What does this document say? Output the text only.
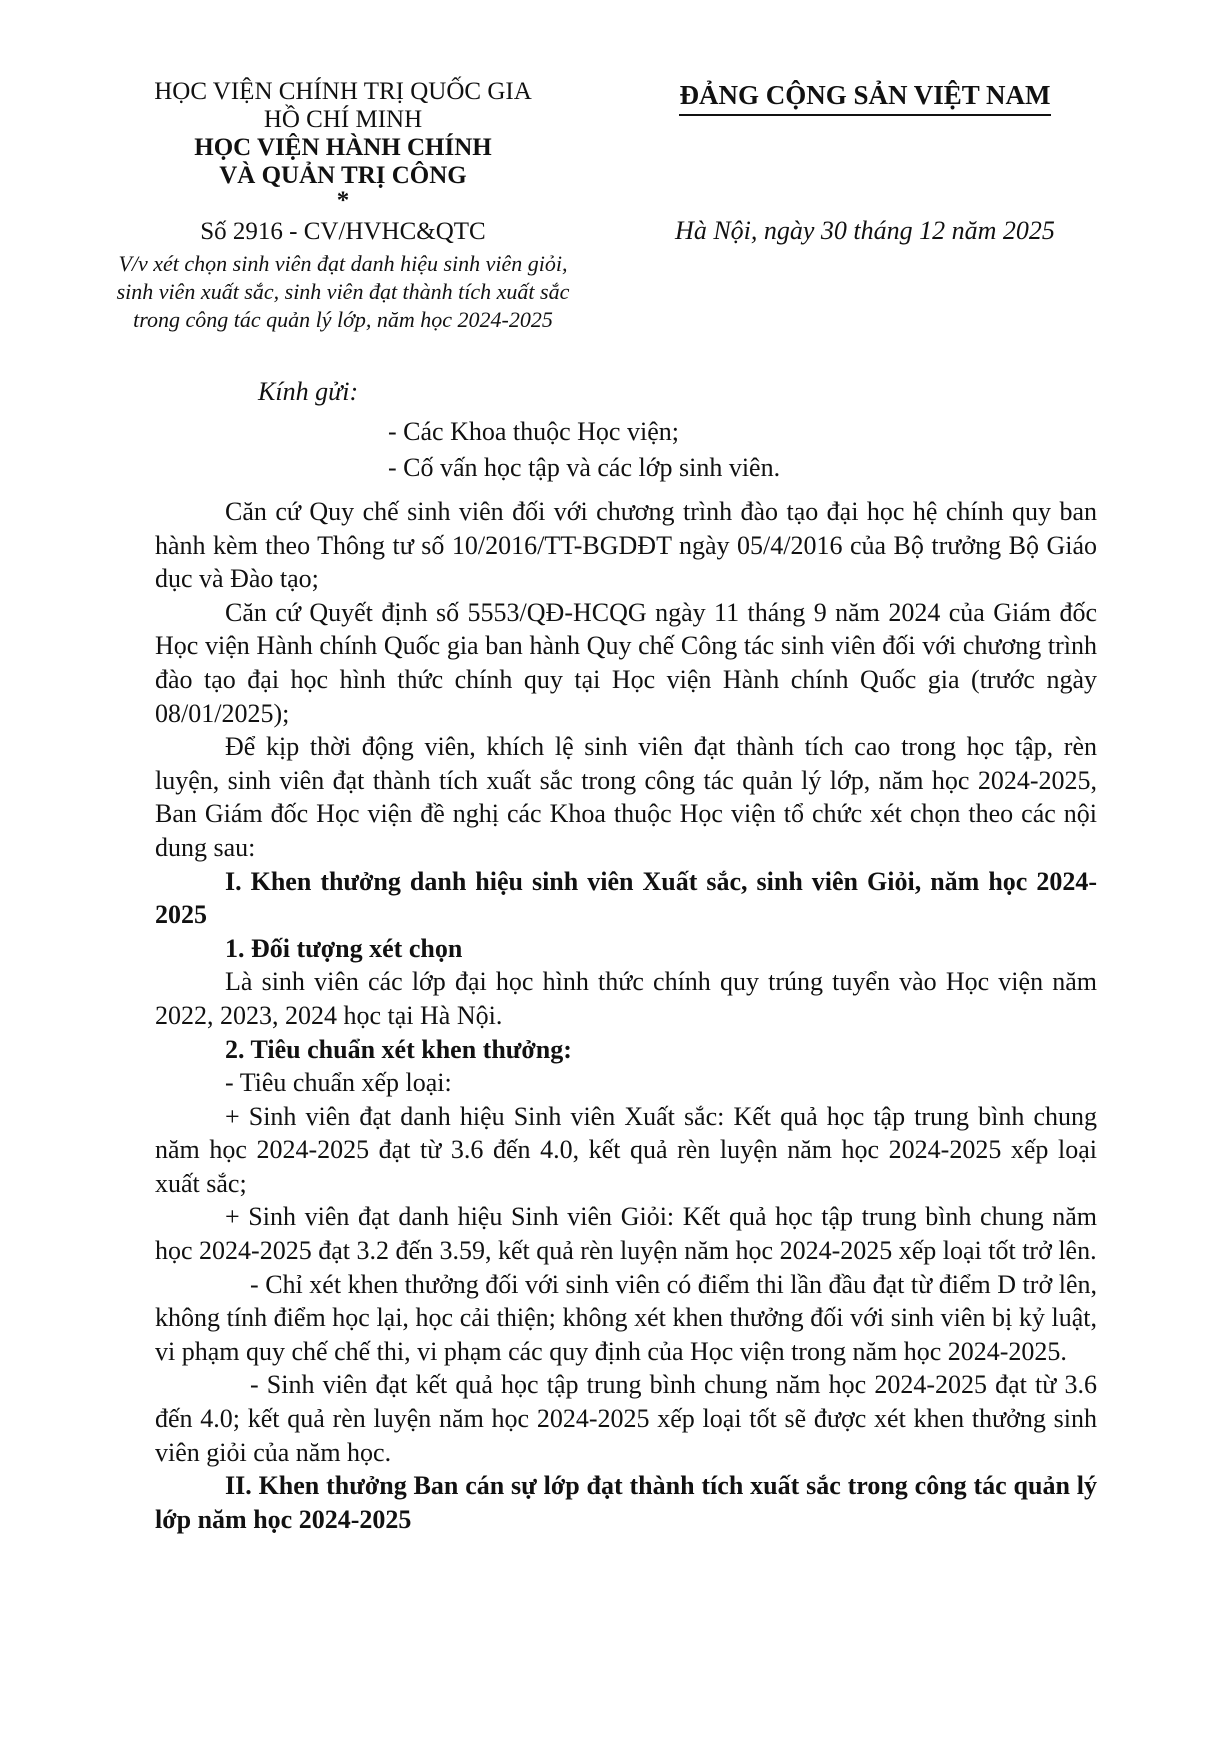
HỌC VIỆN CHÍNH TRỊ QUỐC GIA
HỒ CHÍ MINH
HỌC VIỆN HÀNH CHÍNH
VÀ QUẢN TRỊ CÔNG
*
Số 2916 - CV/HVHC&QTC
V/v xét chọn sinh viên đạt danh hiệu sinh viên giỏi,
sinh viên xuất sắc, sinh viên đạt thành tích xuất sắc
trong công tác quản lý lớp, năm học 2024-2025
ĐẢNG CỘNG SẢN VIỆT NAM
Hà Nội, ngày 30 tháng 12 năm 2025
Kính gửi:
- Các Khoa thuộc Học viện;
- Cố vấn học tập và các lớp sinh viên.

Căn cứ Quy chế sinh viên đối với chương trình đào tạo đại học hệ chính quy ban hành kèm theo Thông tư số 10/2016/TT-BGDĐT ngày 05/4/2016 của Bộ trưởng Bộ Giáo dục và Đào tạo;

Căn cứ Quyết định số 5553/QĐ-HCQG ngày 11 tháng 9 năm 2024 của Giám đốc Học viện Hành chính Quốc gia ban hành Quy chế Công tác sinh viên đối với chương trình đào tạo đại học hình thức chính quy tại Học viện Hành chính Quốc gia (trước ngày 08/01/2025);

Để kịp thời động viên, khích lệ sinh viên đạt thành tích cao trong học tập, rèn luyện, sinh viên đạt thành tích xuất sắc trong công tác quản lý lớp, năm học 2024-2025, Ban Giám đốc Học viện đề nghị các Khoa thuộc Học viện tổ chức xét chọn theo các nội dung sau:

I. Khen thưởng danh hiệu sinh viên Xuất sắc, sinh viên Giỏi, năm học 2024-2025

1. Đối tượng xét chọn

Là sinh viên các lớp đại học hình thức chính quy trúng tuyển vào Học viện năm 2022, 2023, 2024 học tại Hà Nội.

2. Tiêu chuẩn xét khen thưởng:

- Tiêu chuẩn xếp loại:

+ Sinh viên đạt danh hiệu Sinh viên Xuất sắc: Kết quả học tập trung bình chung năm học 2024-2025 đạt từ 3.6 đến 4.0, kết quả rèn luyện năm học 2024-2025 xếp loại xuất sắc;

+ Sinh viên đạt danh hiệu Sinh viên Giỏi: Kết quả học tập trung bình chung năm học 2024-2025 đạt 3.2 đến 3.59, kết quả rèn luyện năm học 2024-2025 xếp loại tốt trở lên.

- Chỉ xét khen thưởng đối với sinh viên có điểm thi lần đầu đạt từ điểm D trở lên, không tính điểm học lại, học cải thiện; không xét khen thưởng đối với sinh viên bị kỷ luật, vi phạm quy chế chế thi, vi phạm các quy định của Học viện trong năm học 2024-2025.

- Sinh viên đạt kết quả học tập trung bình chung năm học 2024-2025 đạt từ 3.6 đến 4.0; kết quả rèn luyện năm học 2024-2025 xếp loại tốt sẽ được xét khen thưởng sinh viên giỏi của năm học.

II. Khen thưởng Ban cán sự lớp đạt thành tích xuất sắc trong công tác quản lý lớp năm học 2024-2025
